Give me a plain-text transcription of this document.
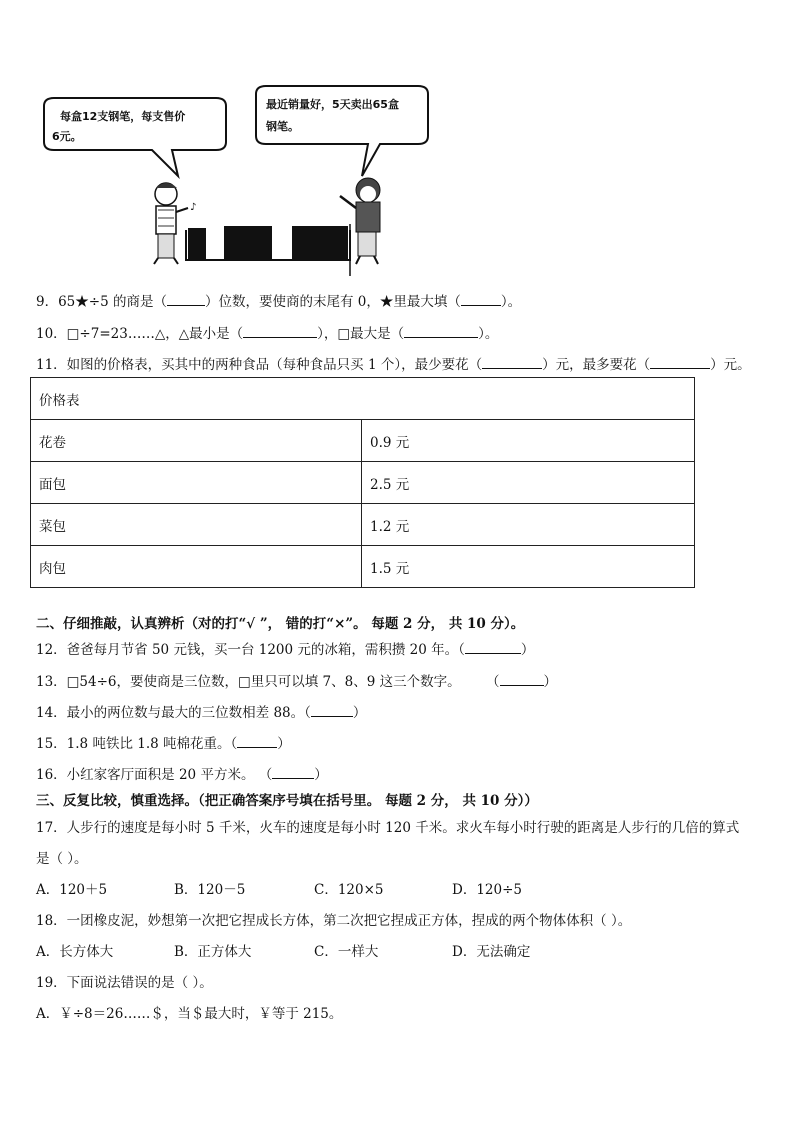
♪
每盒12支钢笔，每支售价
6元。
最近销量好，5天卖出65盒
钢笔。
9．65★÷5 的商是（	）位数，要使商的末尾有 0，★里最大填（	）。
10．□÷7=23……△，△最小是（	），□最大是（	）。
11．如图的价格表，买其中的两种食品（每种食品只买 1 个），最少要花（	）元，最多要花（	）元。
价格表	
花卷	0.9 元
面包	2.5 元
菜包	1.2 元
肉包	1.5 元
二、仔细推敲，认真辨析（对的打“√ ”， 错的打“×”。 每题 2 分， 共 10 分）。
12．爸爸每月节省 50 元钱，买一台 1200 元的冰箱，需积攒 20 年。（	）
13．□54÷6，要使商是三位数，□里只可以填 7、8、9 这三个数字。 （	）
14．最小的两位数与最大的三位数相差 88。（	）
15．1.8 吨铁比 1.8 吨棉花重。（	）
16．小红家客厅面积是 20 平方米。 （	）
三、反复比较，慎重选择。（把正确答案序号填在括号里。 每题 2 分， 共 10 分））
17．人步行的速度是每小时 5 千米，火车的速度是每小时 120 千米。求火车每小时行驶的距离是人步行的几倍的算式
是（ ）。
A．120＋5	B．120－5	C．120×5	D．120÷5
18．一团橡皮泥，妙想第一次把它捏成长方体，第二次把它捏成正方体，捏成的两个物体体积（ ）。
A．长方体大	B．正方体大	C．一样大	D．无法确定
19．下面说法错误的是（ ）。
A．￥÷8＝26……＄，当＄最大时，￥等于 215。
